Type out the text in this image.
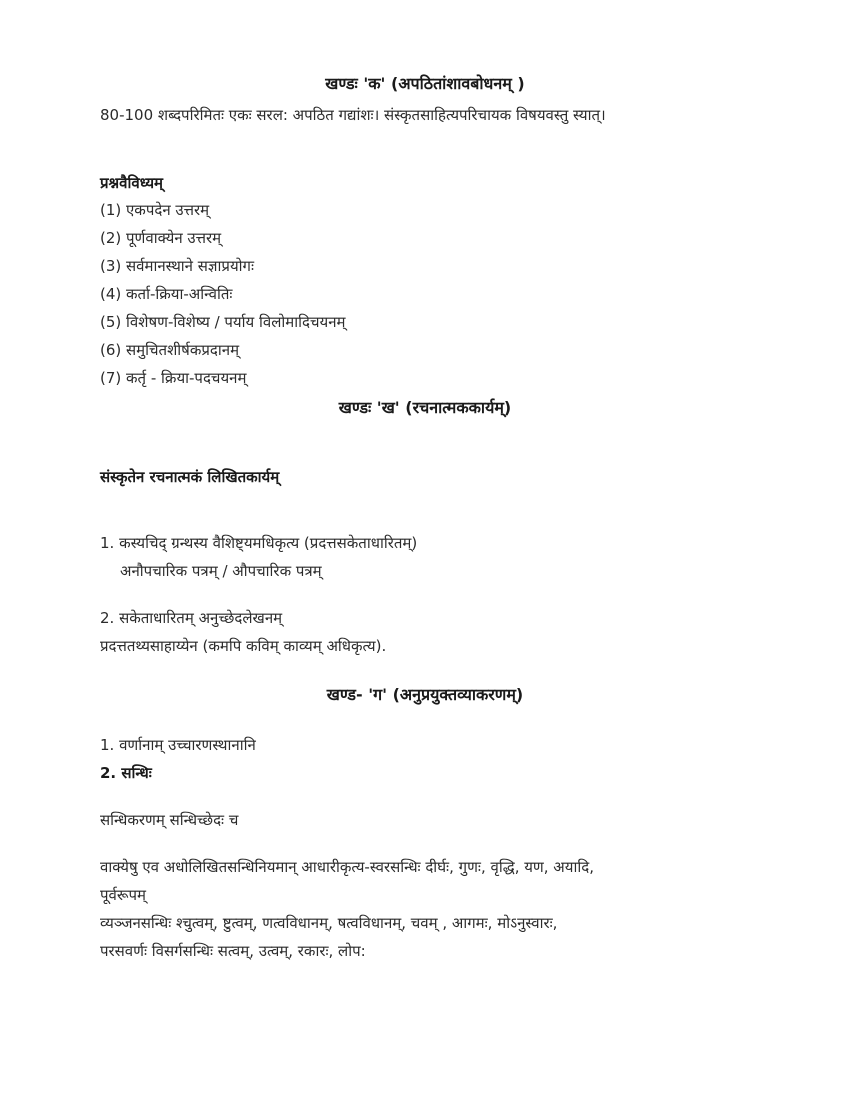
खण्डः 'क' (अपठितांशावबोधनम् )
80-100 शब्दपरिमितः एकः सरल: अपठित गद्यांशः। संस्कृतसाहित्यपरिचायक विषयवस्तु स्यात्।
प्रश्नवैविध्यम्
(1) एकपदेन उत्तरम्
(2) पूर्णवाक्येन उत्तरम्
(3) सर्वमानस्थाने सज्ञाप्रयोगः
(4) कर्ता-क्रिया-अन्वितिः
(5) विशेषण-विशेष्य / पर्याय विलोमादिचयनम्
(6) समुचितशीर्षकप्रदानम्
(7) कर्तृ - क्रिया-पदचयनम्
खण्डः 'ख' (रचनात्मककार्यम्)
संस्कृतेन रचनात्मकं लिखितकार्यम्
1. कस्यचिद् ग्रन्थस्य वैशिष्ट्यमधिकृत्य (प्रदत्तसकेताधारितम्)
अनौपचारिक पत्रम् / औपचारिक पत्रम्
2. सकेताधारितम् अनुच्छेदलेखनम्
प्रदत्ततथ्यसाहाय्येन (कमपि कविम् काव्यम् अधिकृत्य).
खण्ड- 'ग' (अनुप्रयुक्तव्याकरणम्)
1. वर्णानाम् उच्चारणस्थानानि
2. सन्धिः
सन्धिकरणम् सन्धिच्छेदः च
वाक्येषु एव अधोलिखितसन्धिनियमान् आधारीकृत्य-स्वरसन्धिः दीर्घः, गुणः, वृद्धि, यण, अयादि,
पूर्वरूपम्
व्यञ्जनसन्धिः श्चुत्वम्, ष्टुत्वम्, णत्वविधानम्, षत्वविधानम्, चवम् , आगमः, मोऽनुस्वारः,
परसवर्णः विसर्गसन्धिः सत्वम्, उत्वम्, रकारः, लोप:
